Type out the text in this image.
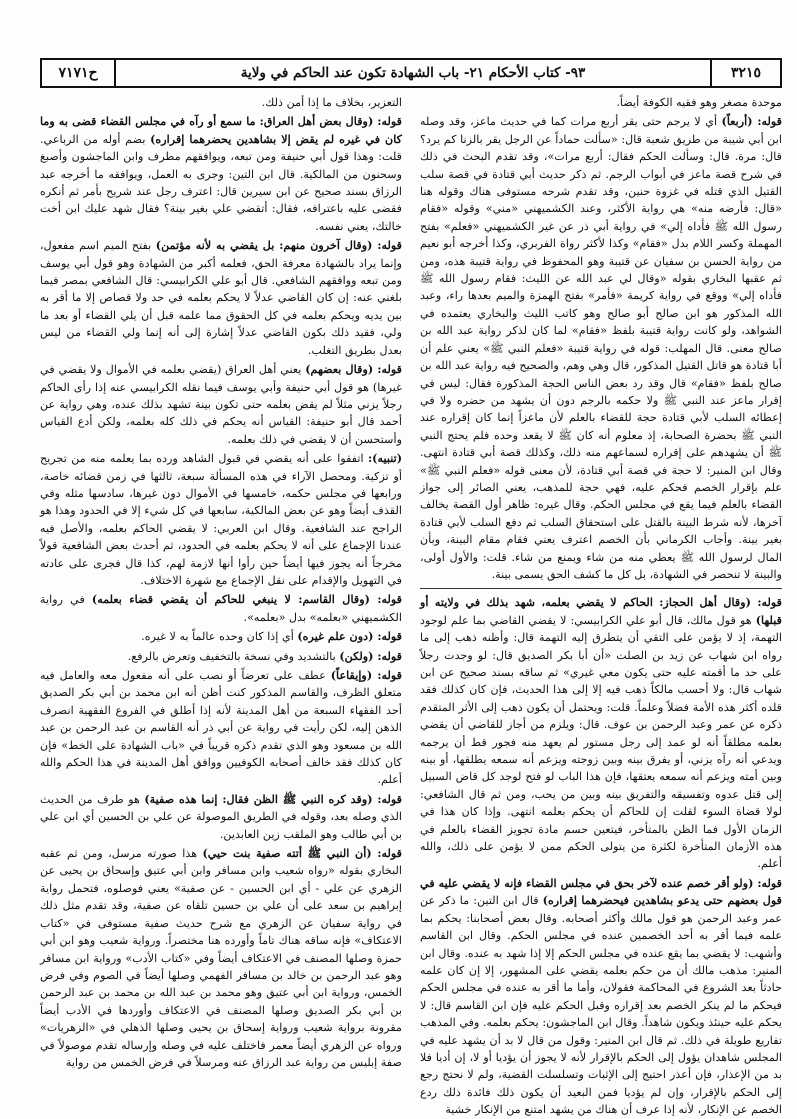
٣٢١٥
٩٣- كتاب الأحكام ٢١- باب الشهادة تكون عند الحاكم في ولاية
ح٧١٧١

موحدة مصغر وهو فقيه الكوفة أيضاً.

قوله: (أربعاً) أي لا يرجم حتى يقر أربع مرات كما في حديث ماعز، وقد وصله ابن أبي شيبة من طريق شعبة قال: «سألت حماداً عن الرجل يقر بالزنا كم يرد؟ قال: مرة. قال: وسألت الحكم فقال: أربع مرات»، وقد تقدم البحث في ذلك في شرح قصة ماعز في أبواب الرجم. ثم ذكر حديث أبي قتادة في قصة سلب القتيل الذي قتله في غزوة حنين، وقد تقدم شرحه مستوفى هناك وقوله هنا «قال: فأرضه منه» هي رواية الأكثر، وعند الكشميهني «مني» وقوله «فقام رسول الله ﷺ فأداه إلي» في رواية أبي ذر عن غير الكشميهني «فعلم» بفتح المهملة وكسر اللام بدل «فقام» وكذا لأكثر رواة الفربري، وكذا أخرجه أبو نعيم من رواية الحسن بن سفيان عن قتيبة وهو المحفوظ في رواية قتيبة هذه، ومن ثم عقبها البخاري بقوله «وقال لي عبد الله عن الليث: فقام رسول الله ﷺ فأداه إلي» ووقع في رواية كريمة «فأمر» بفتح الهمزة والميم بعدها راء، وعبد الله المذكور هو ابن صالح أبو صالح وهو كاتب الليث والبخاري يعتمده في الشواهد، ولو كانت رواية قتيبة بلفظ «فقام» لما كان لذكر رواية عبد الله بن صالح معنى. قال المهلب: قوله في رواية قتيبة «فعلم النبي ﷺ» يعني علم أن أبا قتادة هو قاتل القتيل المذكور، قال وهي وهم، والصحيح فيه رواية عبد الله بن صالح بلفظ «فقام» قال وقد رد بعض الناس الحجة المذكورة فقال: ليس في إقرار ماعز عند النبي ﷺ ولا حكمه بالرجم دون أن يشهد من حضره ولا في إعطائه السلب لأبي قتادة حجة للقضاء بالعلم لأن ماعزاً إنما كان إقراره عند النبي ﷺ بحضرة الصحابة، إذ معلوم أنه كان ﷺ لا يقعد وحده فلم يحتج النبي ﷺ أن يشهدهم على إقراره لسماعهم منه ذلك، وكذلك قصة أبي قتادة انتهى. وقال ابن المنير: لا حجة في قصة أبي قتادة، لأن معنى قوله «فعلم النبي ﷺ» علم بإقرار الخصم فحكم عليه، فهي حجة للمذهب، يعني الصائر إلى جواز القضاء بالعلم فيما يقع في مجلس الحكم. وقال غيره: ظاهر أول القصة يخالف آخرها، لأنه شرط البينة بالقتل على استحقاق السلب ثم دفع السلب لأبي قتادة بغير بينة. وأجاب الكرماني بأن الخصم اعترف يعني فقام مقام البينة، وبأن المال لرسول الله ﷺ يعطي منه من شاء ويمنع من شاء. قلت: والأول أولى، والبينة لا تنحصر في الشهادة، بل كل ما كشف الحق يسمى بينة.

قوله: (وقال أهل الحجاز: الحاكم لا يقضي بعلمه، شهد بذلك في ولايته أو قبلها) هو قول مالك، قال أبو علي الكرابيسي: لا يقضي القاضي بما علم لوجود التهمة، إذ لا يؤمن على التقي أن يتطرق إليه التهمة قال: وأظنه ذهب إلى ما رواه ابن شهاب عن زيد بن الصلت «أن أبا بكر الصديق قال: لو وجدت رجلاً على حد ما أقمته عليه حتى يكون معي غيري» ثم ساقه بسند صحيح عن ابن شهاب قال: ولا أحسب مالكاً ذهب فيه إلا إلى هذا الحديث، فإن كان كذلك فقد قلده أكثر هذه الأمة فضلاً وعلماً. قلت: ويحتمل أن يكون ذهب إلى الأثر المتقدم ذكره عن عمر وعبد الرحمن بن عوف. قال: ويلزم من أجاز للقاضي أن يقضي بعلمه مطلقاً أنه لو عمد إلى رجل مستور لم يعهد منه فجور قط أن يرجمه ويدعي أنه رآه يزني، أو يفرق بينه وبين زوجته ويزعم أنه سمعه يطلقها، أو بينه وبين أمته ويزعم أنه سمعه يعتقها، فإن هذا الباب لو فتح لوجد كل قاض السبيل إلى قتل عدوه وتفسيقه والتفريق بينه وبين من يحب، ومن ثم قال الشافعي: لولا قضاة السوء لقلت إن للحاكم أن يحكم بعلمه انتهى. وإذا كان هذا في الزمان الأول فما الظن بالمتأخر، فيتعين حسم مادة تجويز القضاء بالعلم في هذه الأزمان المتأخرة لكثرة من يتولى الحكم ممن لا يؤمن على ذلك، والله أعلم.

قوله: (ولو أقر خصم عنده لآخر بحق في مجلس القضاء فإنه لا يقضي عليه في قول بعضهم حتى يدعو بشاهدين فيحضرهما إقراره) قال ابن التين: ما ذكر عن عمر وعبد الرحمن هو قول مالك وأكثر أصحابه. وقال بعض أصحابنا: يحكم بما علمه فيما أقر به أحد الخصمين عنده في مجلس الحكم. وقال ابن القاسم وأشهب: لا يقضي بما يقع عنده في مجلس الحكم إلا إذا شهد به عنده. وقال ابن المنير: مذهب مالك أن من حكم بعلمه يقضي على المشهور، إلا إن كان علمه حادثاً بعد الشروع في المحاكمة فقولان، وأما ما أقر به عنده في مجلس الحكم فيحكم ما لم ينكر الخصم بعد إقراره وقبل الحكم عليه فإن ابن القاسم قال: لا يحكم عليه حينئذ ويكون شاهداً. وقال ابن الماجشون: يحكم بعلمه. وفي المذهب تفاريع طويلة في ذلك. ثم قال ابن المنير: وقول من قال لا بد أن يشهد عليه في المجلس شاهدان يؤول إلى الحكم بالإقرار لأنه لا يجوز أن يؤديا أو لا، إن أديا فلا بد من الإعذار، فإن أعذر احتيج إلى الإثبات وتسلسلت القضية، ولم لا نحتج رجع إلى الحكم بالإقرار، وإن لم يؤديا فمن البعيد أن يكون ذلك فائدة ذلك ردع الخصم عن الإنكار، لأنه إذا عرف أن هناك من يشهد امتنع من الإنكار خشية

التعزير، بخلاف ما إذا أمن ذلك.

قوله: (وقال بعض أهل العراق: ما سمع أو رآه في مجلس القضاء قضى به وما كان في غيره لم يقض إلا بشاهدين يحضرهما إقراره) بضم أوله من الرباعي. قلت: وهذا قول أبي حنيفة ومن تبعه، ويوافقهم مطرف وابن الماجشون وأصبغ وسحنون من المالكية. قال ابن التين: وجرى به العمل، ويوافقه ما أخرجه عبد الرزاق بسند صحيح عن ابن سيرين قال: اعترف رجل عند شريح بأمر ثم أنكره فقضى عليه باعترافه، فقال: أتقضي علي بغير بينة؟ فقال شهد عليك ابن أخت خالتك، يعني نفسه.

قوله: (وقال آخرون منهم: بل يقضي به لأنه مؤتمن) بفتح الميم اسم مفعول، وإنما يراد بالشهادة معرفة الحق، فعلمه أكبر من الشهادة وهو قول أبي يوسف ومن تبعه ووافقهم الشافعي. قال أبو علي الكرابيسي: قال الشافعي بمصر فيما بلغني عنه: إن كان القاضي عدلاً لا يحكم بعلمه في حد ولا قصاص إلا ما أقر به بين يديه ويحكم بعلمه في كل الحقوق مما علمه قبل أن يلي القضاء أو بعد ما ولي، فقيد ذلك بكون القاضي عدلاً إشارة إلى أنه إنما ولي القضاء من ليس بعدل بطريق التغلب.

قوله: (وقال بعضهم) يعني أهل العراق (يقضي بعلمه في الأموال ولا يقضي في غيرها) هو قول أبي حنيفة وأبي يوسف فيما نقله الكرابيسي عنه إذا رأى الحاكم رجلاً يزني مثلاً لم يقض بعلمه حتى تكون بينة تشهد بذلك عنده، وهي رواية عن أحمد قال أبو حنيفة: القياس أنه يحكم في ذلك كله بعلمه، ولكن أدع القياس وأستحسن أن لا يقضي في ذلك بعلمه.

(تنبيه): اتفقوا على أنه يقضي في قبول الشاهد ورده بما يعلمه منه من تجريح أو تزكية. ومحصل الآراء في هذه المسألة سبعة، ثالثها في زمن قضائه خاصة، ورابعها في مجلس حكمه، خامسها في الأموال دون غيرها، سادسها مثله وفي القذف أيضاً وهو عن بعض المالكية، سابعها في كل شيء إلا في الحدود وهذا هو الراجح عند الشافعية. وقال ابن العربي: لا يقضي الحاكم بعلمه، والأصل فيه عندنا الإجماع على أنه لا يحكم بعلمه في الحدود، ثم أحدث بعض الشافعية قولاً مخرجاً أنه يجوز فيها أيضاً حين رأوا أنها لازمة لهم، كذا قال فجرى على عادته في التهويل والإقدام على نقل الإجماع مع شهرة الاختلاف.

قوله: (وقال القاسم: لا ينبغي للحاكم أن يقضي قضاء بعلمه) في رواية الكشميهني «بعلمه» بدل «بعلمه».

قوله: (دون علم غيره) أي إذا كان وحده عالماً به لا غيره.

قوله: (ولكن) بالتشديد وفي نسخة بالتخفيف وتعرض بالرفع.

قوله: (وإيقاعاً) عطف على تعرضاً أو نصب على أنه مفعول معه والعامل فيه متعلق الظرف، والقاسم المذكور كنت أظن أنه ابن محمد بن أبي بكر الصديق أحد الفقهاء السبعة من أهل المدينة لأنه إذا أطلق في الفروع الفقهية انصرف الذهن إليه، لكن رأيت في رواية عن أبي ذر أنه القاسم بن عبد الرحمن بن عبد الله بن مسعود وهو الذي تقدم ذكره قريباً في «باب الشهادة على الخط» فإن كان كذلك فقد خالف أصحابه الكوفيين ووافق أهل المدينة في هذا الحكم والله أعلم.

قوله: (وقد كره النبي ﷺ الظن فقال: إنما هذه صفية) هو طرف من الحديث الذي وصله بعد، وقوله في الطريق الموصولة عن علي بن الحسين أي ابن علي بن أبي طالب وهو الملقب زين العابدين.

قوله: (أن النبي ﷺ أتته صفية بنت حيي) هذا صورته مرسل، ومن ثم عقبه البخاري بقوله «رواه شعيب وابن مسافر وابن أبي عتيق وإسحاق بن يحيى عن الزهري عن علي - أي ابن الحسين - عن صفية» يعني فوصلوه، فتحمل رواية إبراهيم بن سعد على أن علي بن حسين تلقاه عن صفية، وقد تقدم مثل ذلك في رواية سفيان عن الزهري مع شرح حديث صفية مستوفى في «كتاب الاعتكاف» فإنه ساقه هناك تاماً وأورده هنا مختصراً. ورواية شعيب وهو ابن أبي حمزة وصلها المصنف في الاعتكاف أيضاً وفي «كتاب الأدب» ورواية ابن مسافر وهو عبد الرحمن بن خالد بن مسافر الفهمي وصلها أيضاً في الصوم وفي فرض الخمس، ورواية ابن أبي عتيق وهو محمد بن عبد الله بن محمد بن عبد الرحمن بن أبي بكر الصديق وصلها المصنف في الاعتكاف وأوردها في الأدب أيضاً مقرونة برواية شعيب ورواية إسحاق بن يحيى وصلها الذهلي في «الزهريات» ورواه عن الزهري أيضاً معمر فاختلف عليه في وصله وإرساله تقدم موصولاً في صفة إبليس من رواية عبد الرزاق عنه ومرسلاً في فرض الخمس من رواية
